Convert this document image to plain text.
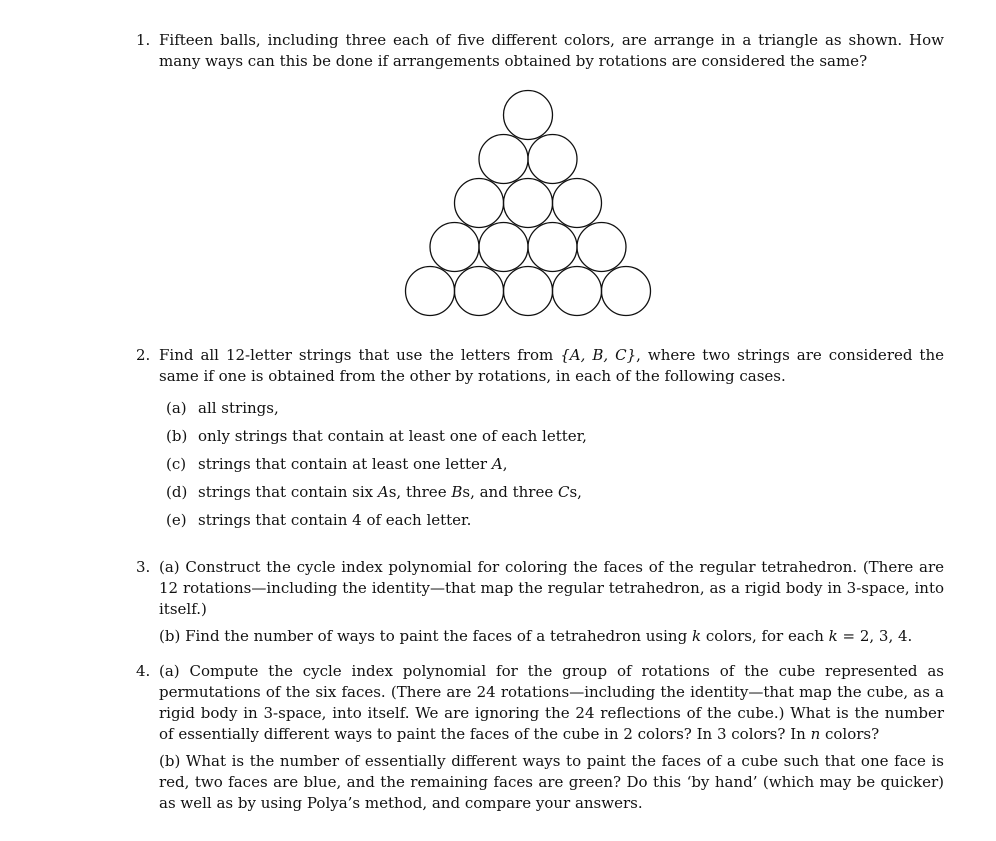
1. Fifteen balls, including three each of five different colors, are arrange in a triangle as shown. How many ways can this be done if arrangements obtained by rotations are considered the same?
2. Find all 12-letter strings that use the letters from {A, B, C}, where two strings are considered the same if one is obtained from the other by rotations, in each of the following cases.
(a) all strings,
(b) only strings that contain at least one of each letter,
(c) strings that contain at least one letter A,
(d) strings that contain six As, three Bs, and three Cs,
(e) strings that contain 4 of each letter.
3. (a) Construct the cycle index polynomial for coloring the faces of the regular tetrahedron. (There are 12 rotations—including the identity—that map the regular tetrahedron, as a rigid body in 3-space, into itself.)
(b) Find the number of ways to paint the faces of a tetrahedron using k colors, for each k = 2, 3, 4.
4. (a) Compute the cycle index polynomial for the group of rotations of the cube represented as permutations of the six faces. (There are 24 rotations—including the identity—that map the cube, as a rigid body in 3-space, into itself. We are ignoring the 24 reflections of the cube.) What is the number of essentially different ways to paint the faces of the cube in 2 colors? In 3 colors? In n colors?
(b) What is the number of essentially different ways to paint the faces of a cube such that one face is red, two faces are blue, and the remaining faces are green? Do this ‘by hand’ (which may be quicker) as well as by using Polya’s method, and compare your answers.
